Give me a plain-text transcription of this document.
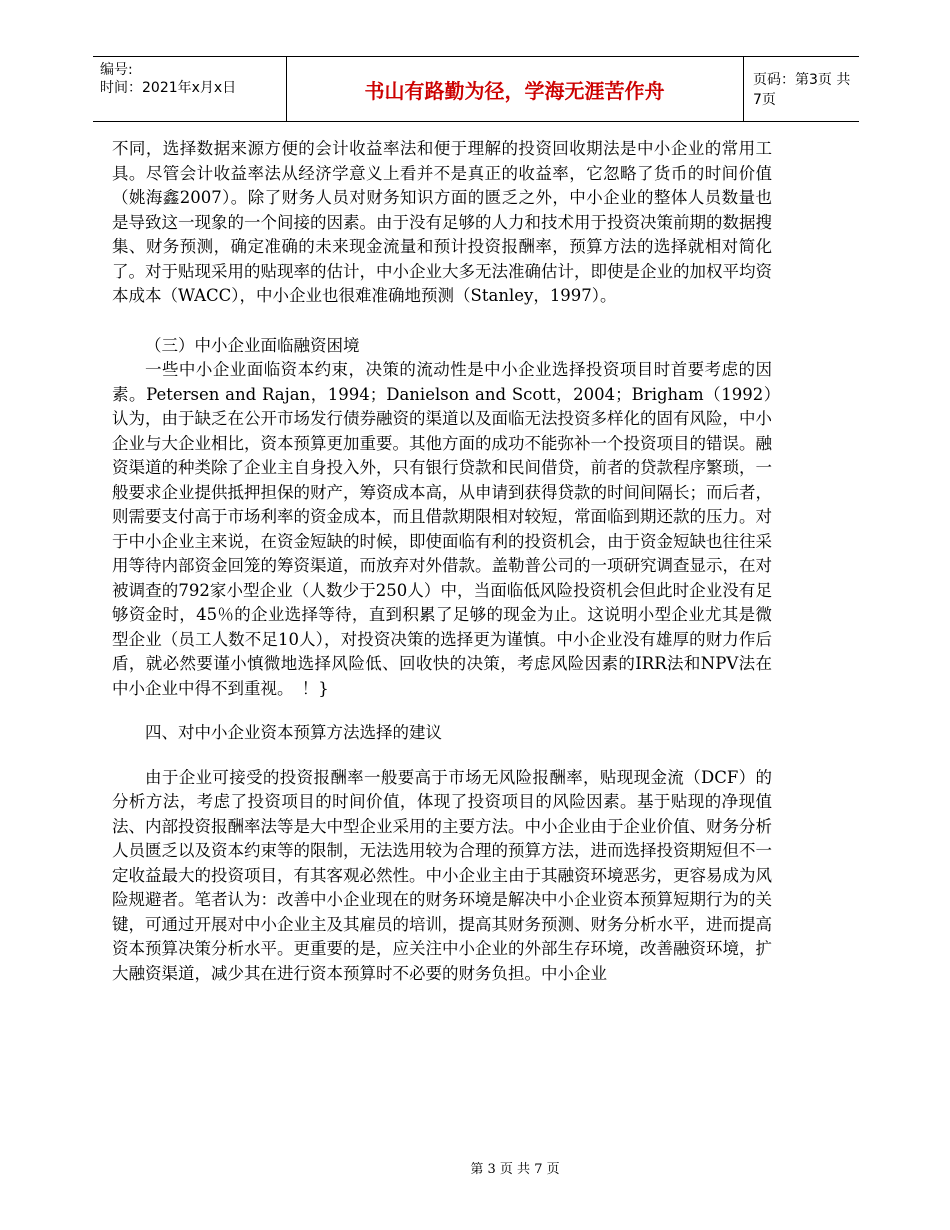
编号:
时间：2021年x月x日	书山有路勤为径，学海无涯苦作舟	页码：第3页 共7页

不同，选择数据来源方便的会计收益率法和便于理解的投资回收期法是中小企业的常用工具。尽管会计收益率法从经济学意义上看并不是真正的收益率，它忽略了货币的时间价值（姚海鑫2007）。除了财务人员对财务知识方面的匮乏之外，中小企业的整体人员数量也是导致这一现象的一个间接的因素。由于没有足够的人力和技术用于投资决策前期的数据搜集、财务预测，确定准确的未来现金流量和预计投资报酬率，预算方法的选择就相对简化了。对于贴现采用的贴现率的估计，中小企业大多无法准确估计，即使是企业的加权平均资本成本（WACC），中小企业也很难准确地预测（Stanley，1997）。

（三）中小企业面临融资困境

一些中小企业面临资本约束，决策的流动性是中小企业选择投资项目时首要考虑的因素。Petersen and Rajan，1994；Danielson and Scott，2004；Brigham（1992）认为，由于缺乏在公开市场发行债券融资的渠道以及面临无法投资多样化的固有风险，中小企业与大企业相比，资本预算更加重要。其他方面的成功不能弥补一个投资项目的错误。融资渠道的种类除了企业主自身投入外，只有银行贷款和民间借贷，前者的贷款程序繁琐，一般要求企业提供抵押担保的财产，筹资成本高，从申请到获得贷款的时间间隔长；而后者，则需要支付高于市场利率的资金成本，而且借款期限相对较短，常面临到期还款的压力。对于中小企业主来说，在资金短缺的时候，即使面临有利的投资机会，由于资金短缺也往往采用等待内部资金回笼的筹资渠道，而放弃对外借款。盖勒普公司的一项研究调查显示，在对被调查的792家小型企业（人数少于250人）中，当面临低风险投资机会但此时企业没有足够资金时，45％的企业选择等待，直到积累了足够的现金为止。这说明小型企业尤其是微型企业（员工人数不足10人），对投资决策的选择更为谨慎。中小企业没有雄厚的财力作后盾，就必然要谨小慎微地选择风险低、回收快的决策，考虑风险因素的IRR法和NPV法在中小企业中得不到重视。　！}

四、对中小企业资本预算方法选择的建议

由于企业可接受的投资报酬率一般要高于市场无风险报酬率，贴现现金流（DCF）的分析方法，考虑了投资项目的时间价值，体现了投资项目的风险因素。基于贴现的净现值法、内部投资报酬率法等是大中型企业采用的主要方法。中小企业由于企业价值、财务分析人员匮乏以及资本约束等的限制，无法选用较为合理的预算方法，进而选择投资期短但不一定收益最大的投资项目，有其客观必然性。中小企业主由于其融资环境恶劣，更容易成为风险规避者。笔者认为：改善中小企业现在的财务环境是解决中小企业资本预算短期行为的关键，可通过开展对中小企业主及其雇员的培训，提高其财务预测、财务分析水平，进而提高资本预算决策分析水平。更重要的是，应关注中小企业的外部生存环境，改善融资环境，扩大融资渠道，减少其在进行资本预算时不必要的财务负担。中小企业

第 3 页 共 7 页
